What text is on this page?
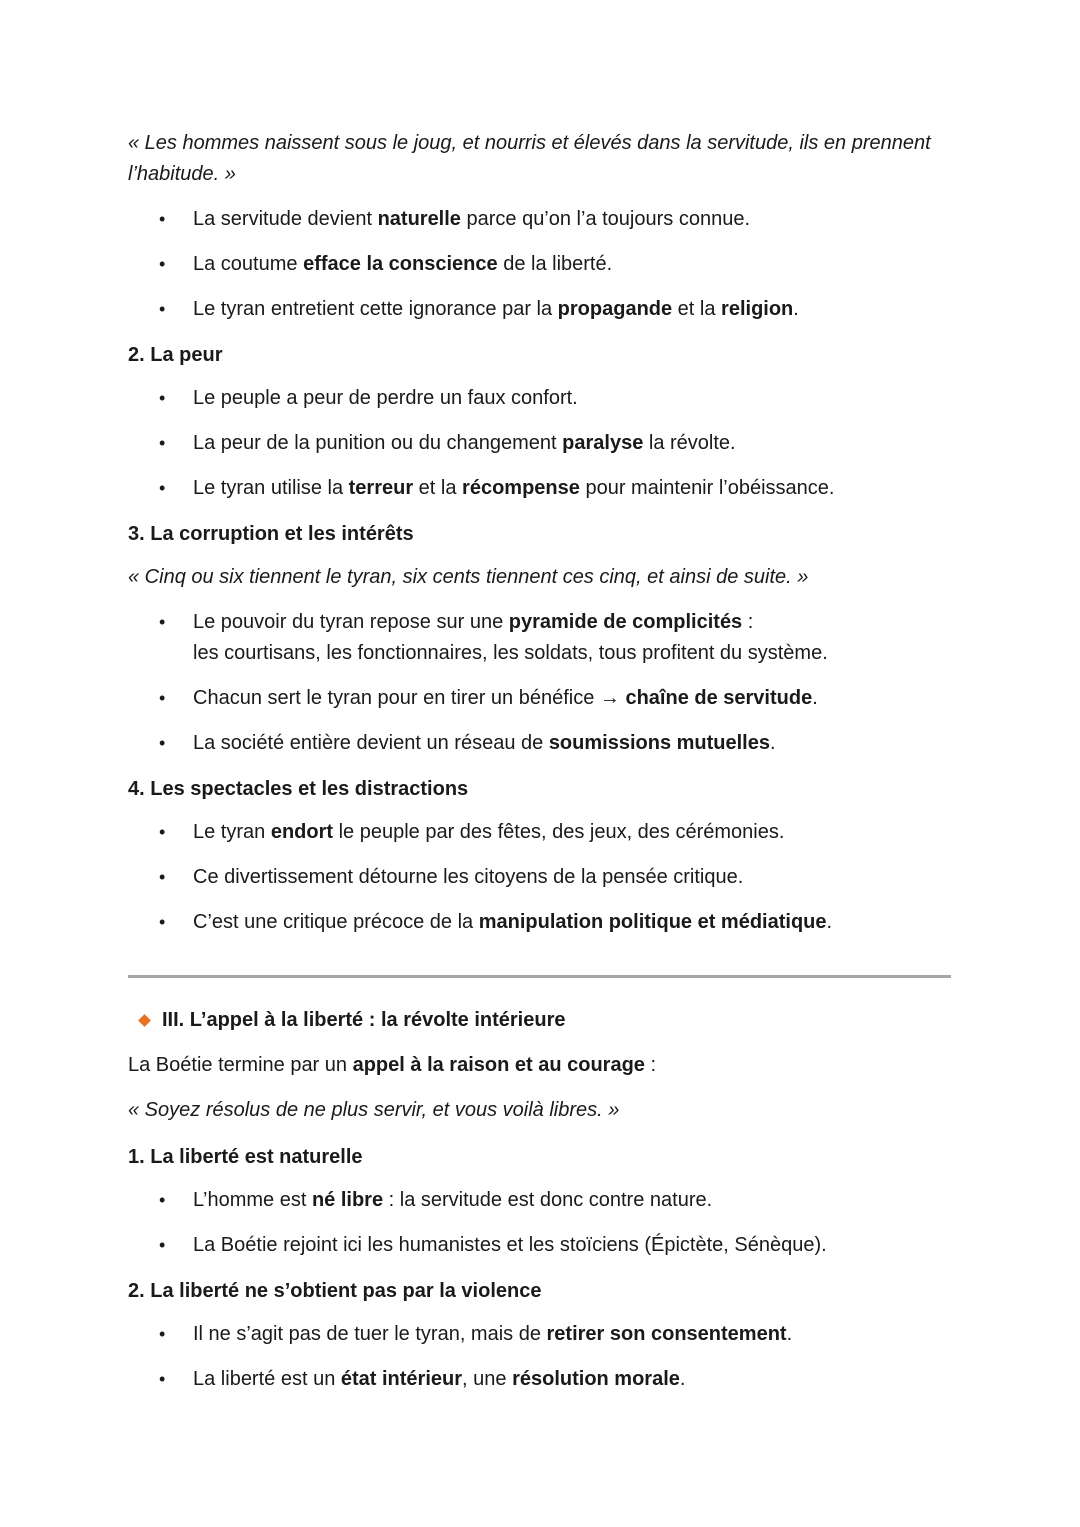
« Les hommes naissent sous le joug, et nourris et élevés dans la servitude, ils en prennent l’habitude. »

• La servitude devient naturelle parce qu’on l’a toujours connue.
• La coutume efface la conscience de la liberté.
• Le tyran entretient cette ignorance par la propagande et la religion.

2. La peur

• Le peuple a peur de perdre un faux confort.
• La peur de la punition ou du changement paralyse la révolte.
• Le tyran utilise la terreur et la récompense pour maintenir l’obéissance.

3. La corruption et les intérêts

« Cinq ou six tiennent le tyran, six cents tiennent ces cinq, et ainsi de suite. »

• Le pouvoir du tyran repose sur une pyramide de complicités :
les courtisans, les fonctionnaires, les soldats, tous profitent du système.
• Chacun sert le tyran pour en tirer un bénéfice → chaîne de servitude.
• La société entière devient un réseau de soumissions mutuelles.

4. Les spectacles et les distractions

• Le tyran endort le peuple par des fêtes, des jeux, des cérémonies.
• Ce divertissement détourne les citoyens de la pensée critique.
• C’est une critique précoce de la manipulation politique et médiatique.

III. L’appel à la liberté : la révolte intérieure

La Boétie termine par un appel à la raison et au courage :

« Soyez résolus de ne plus servir, et vous voilà libres. »

1. La liberté est naturelle

• L’homme est né libre : la servitude est donc contre nature.
• La Boétie rejoint ici les humanistes et les stoïciens (Épictète, Sénèque).

2. La liberté ne s’obtient pas par la violence

• Il ne s’agit pas de tuer le tyran, mais de retirer son consentement.
• La liberté est un état intérieur, une résolution morale.
